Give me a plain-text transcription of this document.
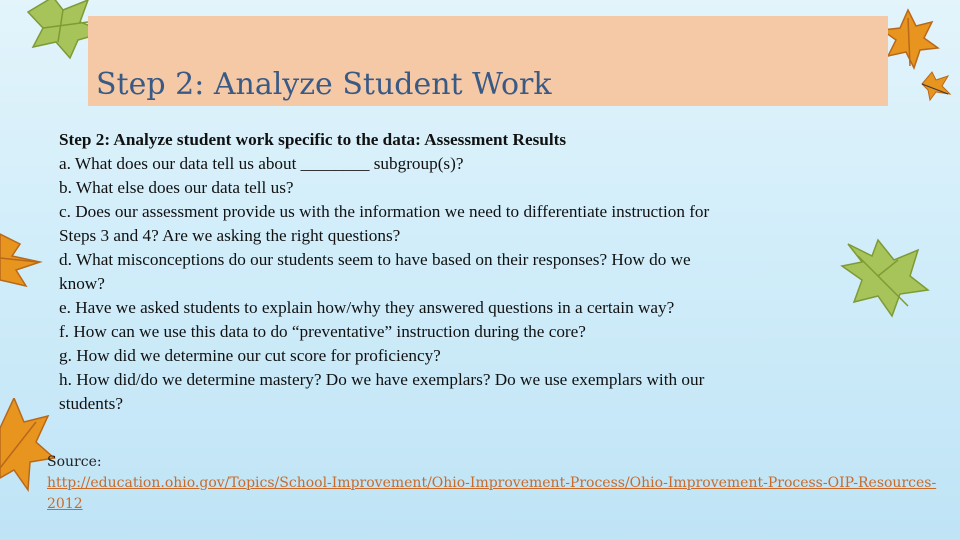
Step 2: Analyze Student Work

Step 2: Analyze student work specific to the data: Assessment Results

a. What does our data tell us about ________ subgroup(s)?

b. What else does our data tell us?

c. Does our assessment provide us with the information we need to differentiate instruction for

Steps 3 and 4? Are we asking the right questions?

d. What misconceptions do our students seem to have based on their responses? How do we

know?

e. Have we asked students to explain how/why they answered questions in a certain way?

f. How can we use this data to do “preventative” instruction during the core?

g. How did we determine our cut score for proficiency?

h. How did/do we determine mastery? Do we have exemplars? Do we use exemplars with our

students?

Source:
http://education.ohio.gov/Topics/School-Improvement/Ohio-Improvement-Process/Ohio-Improvement-Process-OIP-Resources-2012
